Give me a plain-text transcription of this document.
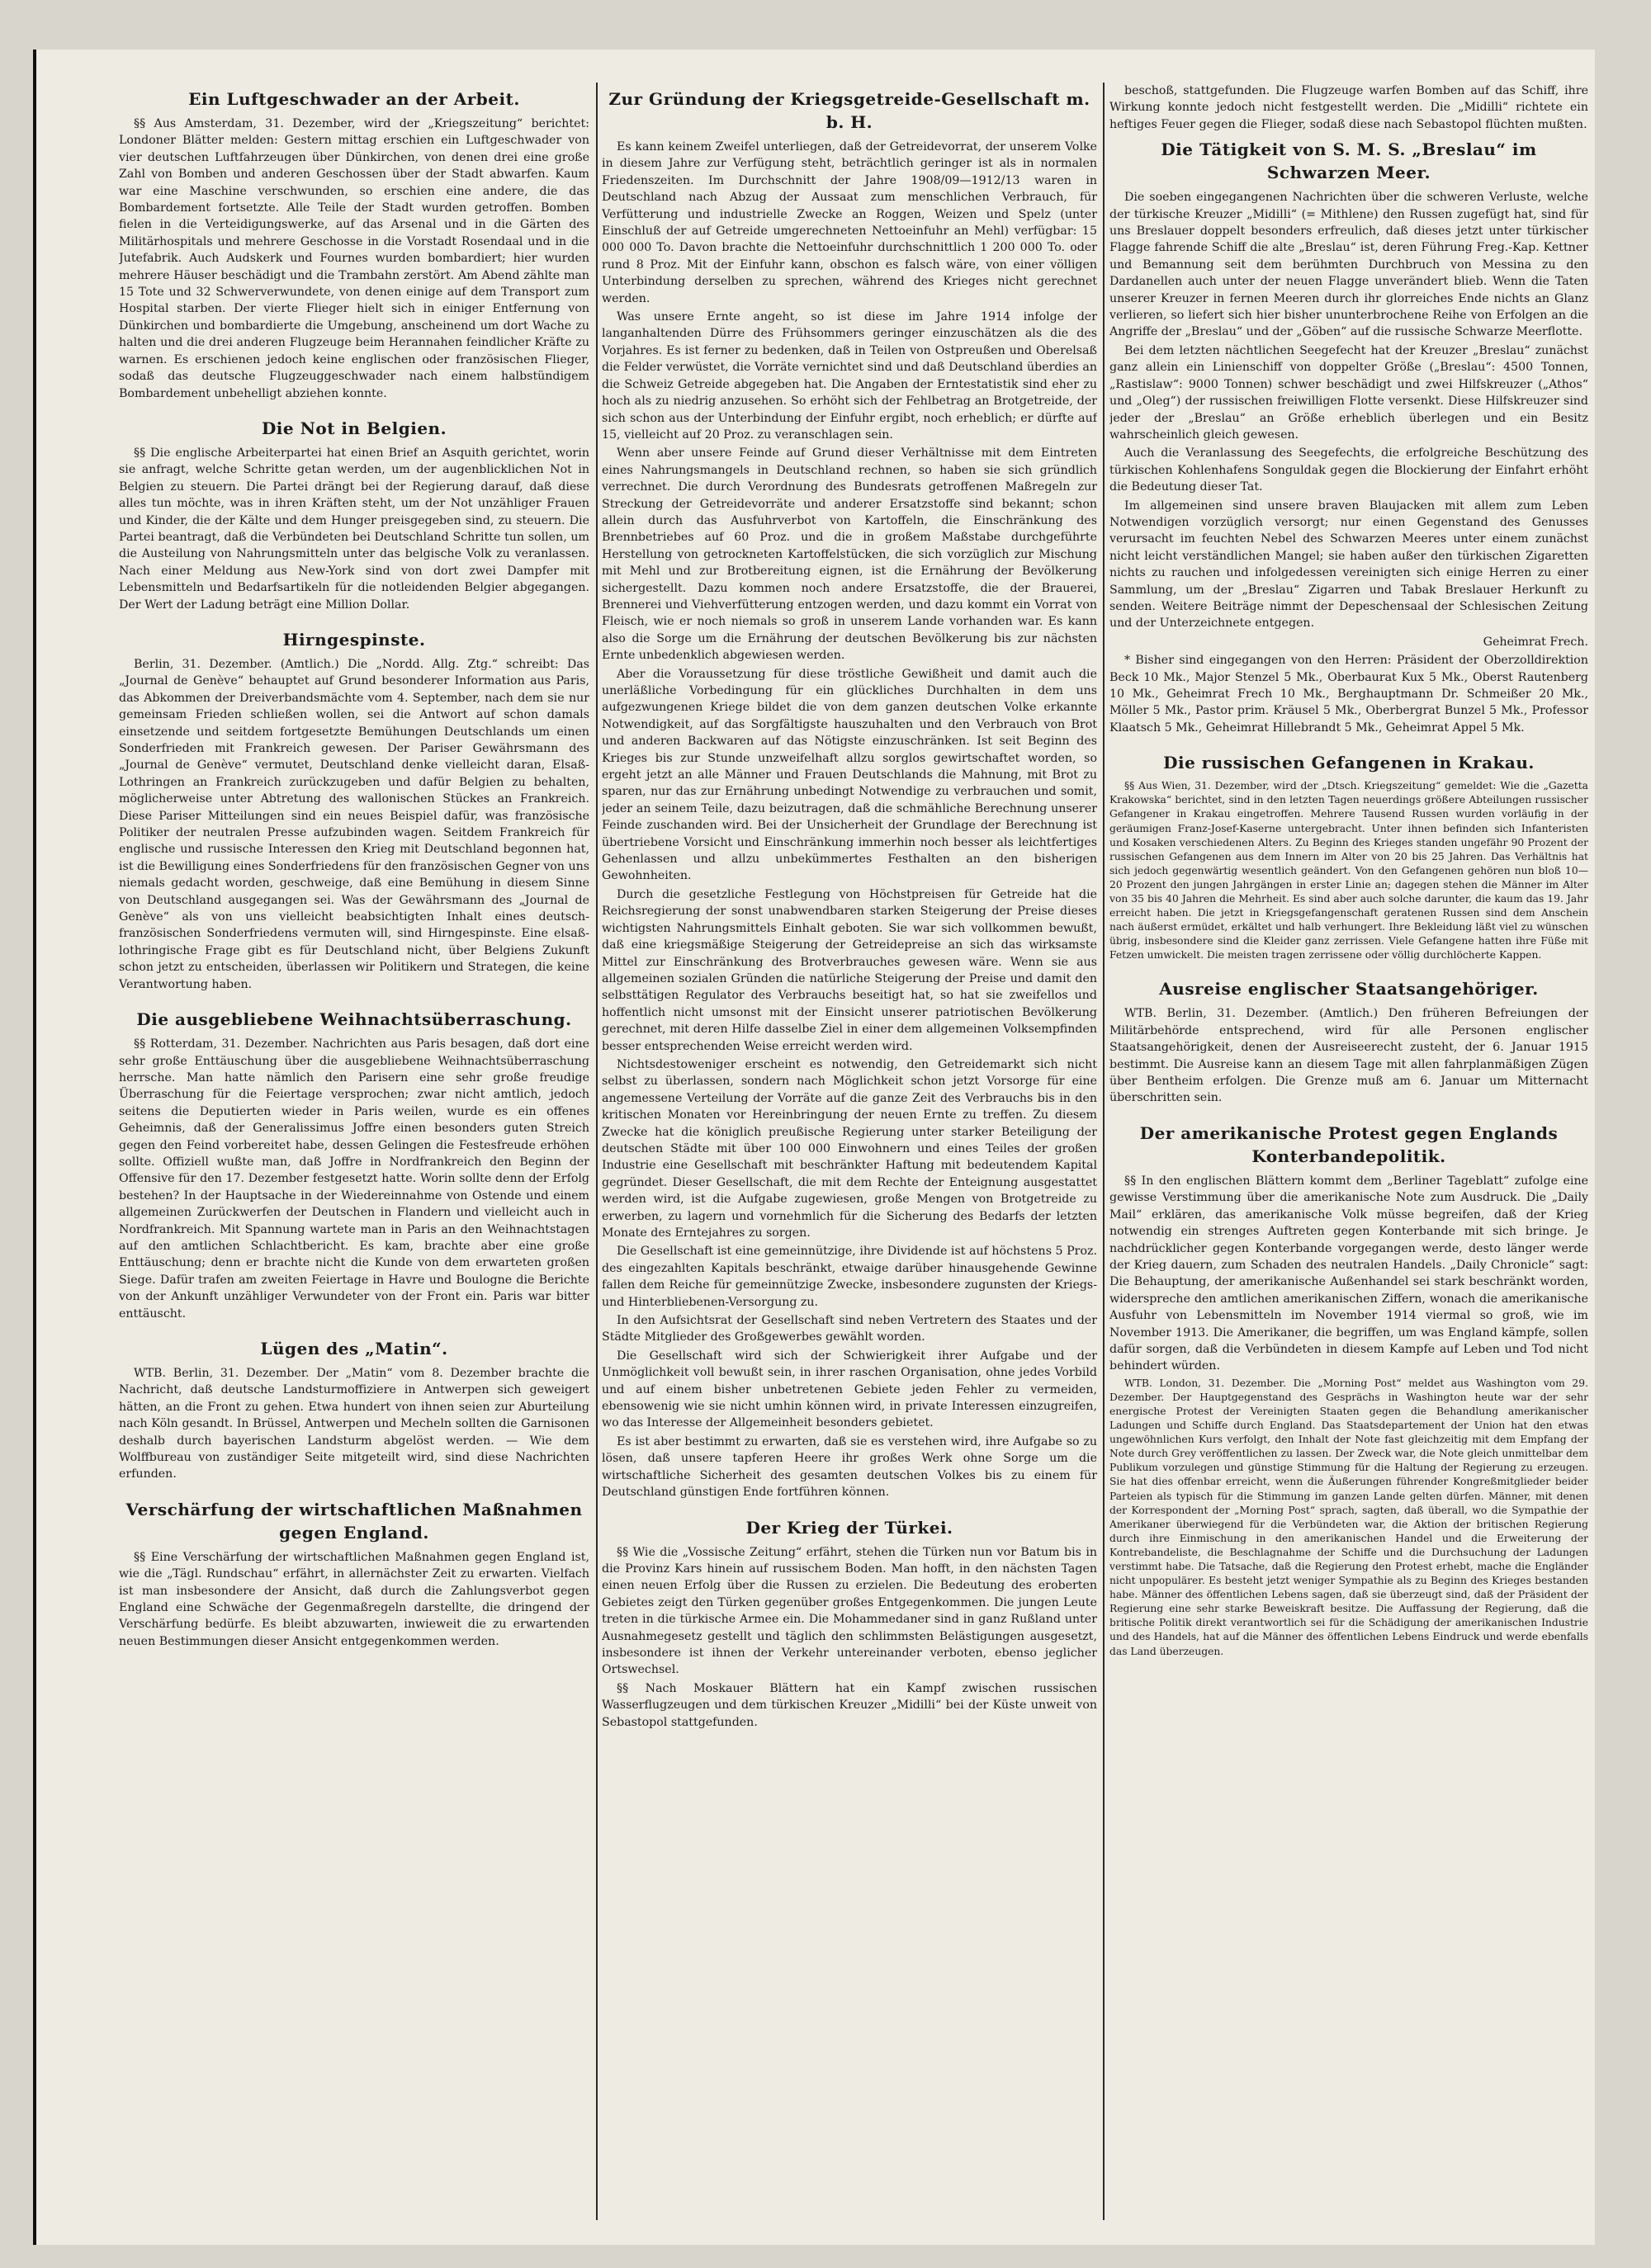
Ein Luftgeschwader an der Arbeit.

§§ Aus Amsterdam, 31. Dezember, wird der „Kriegszeitung“ berichtet: Londoner Blätter melden: Gestern mittag erschien ein Luftgeschwader von vier deutschen Luftfahrzeugen über Dünkirchen, von denen drei eine große Zahl von Bomben und anderen Geschossen über der Stadt abwarfen. Kaum war eine Maschine verschwunden, so erschien eine andere, die das Bombardement fortsetzte. Alle Teile der Stadt wurden getroffen. Bomben fielen in die Verteidigungswerke, auf das Arsenal und in die Gärten des Militärhospitals und mehrere Geschosse in die Vorstadt Rosendaal und in die Jutefabrik. Auch Audskerk und Fournes wurden bombardiert; hier wurden mehrere Häuser beschädigt und die Trambahn zerstört. Am Abend zählte man 15 Tote und 32 Schwerverwundete, von denen einige auf dem Transport zum Hospital starben. Der vierte Flieger hielt sich in einiger Entfernung von Dünkirchen und bombardierte die Umgebung, anscheinend um dort Wache zu halten und die drei anderen Flugzeuge beim Herannahen feindlicher Kräfte zu warnen. Es erschienen jedoch keine englischen oder französischen Flieger, sodaß das deutsche Flugzeuggeschwader nach einem halbstündigem Bombardement unbehelligt abziehen konnte.

Die Not in Belgien.

§§ Die englische Arbeiterpartei hat einen Brief an Asquith gerichtet, worin sie anfragt, welche Schritte getan werden, um der augenblicklichen Not in Belgien zu steuern. Die Partei drängt bei der Regierung darauf, daß diese alles tun möchte, was in ihren Kräften steht, um der Not unzähliger Frauen und Kinder, die der Kälte und dem Hunger preisgegeben sind, zu steuern. Die Partei beantragt, daß die Verbündeten bei Deutschland Schritte tun sollen, um die Austeilung von Nahrungsmitteln unter das belgische Volk zu veranlassen. Nach einer Meldung aus New-York sind von dort zwei Dampfer mit Lebensmitteln und Bedarfsartikeln für die notleidenden Belgier abgegangen. Der Wert der Ladung beträgt eine Million Dollar.

Hirngespinste.

Berlin, 31. Dezember. (Amtlich.) Die „Nordd. Allg. Ztg.“ schreibt: Das „Journal de Genève“ behauptet auf Grund besonderer Information aus Paris, das Abkommen der Dreiverbandsmächte vom 4. September, nach dem sie nur gemeinsam Frieden schließen wollen, sei die Antwort auf schon damals einsetzende und seitdem fortgesetzte Bemühungen Deutschlands um einen Sonderfrieden mit Frankreich gewesen. Der Pariser Gewährsmann des „Journal de Genève“ vermutet, Deutschland denke vielleicht daran, Elsaß-Lothringen an Frankreich zurückzugeben und dafür Belgien zu behalten, möglicherweise unter Abtretung des wallonischen Stückes an Frankreich. Diese Pariser Mitteilungen sind ein neues Beispiel dafür, was französische Politiker der neutralen Presse aufzubinden wagen. Seitdem Frankreich für englische und russische Interessen den Krieg mit Deutschland begonnen hat, ist die Bewilligung eines Sonderfriedens für den französischen Gegner von uns niemals gedacht worden, geschweige, daß eine Bemühung in diesem Sinne von Deutschland ausgegangen sei. Was der Gewährsmann des „Journal de Genève“ als von uns vielleicht beabsichtigten Inhalt eines deutsch-französischen Sonderfriedens vermuten will, sind Hirngespinste. Eine elsaß-lothringische Frage gibt es für Deutschland nicht, über Belgiens Zukunft schon jetzt zu entscheiden, überlassen wir Politikern und Strategen, die keine Verantwortung haben.

Die ausgebliebene Weihnachtsüberraschung.

§§ Rotterdam, 31. Dezember. Nachrichten aus Paris besagen, daß dort eine sehr große Enttäuschung über die ausgebliebene Weihnachtsüberraschung herrsche. Man hatte nämlich den Parisern eine sehr große freudige Überraschung für die Feiertage versprochen; zwar nicht amtlich, jedoch seitens die Deputierten wieder in Paris weilen, wurde es ein offenes Geheimnis, daß der Generalissimus Joffre einen besonders guten Streich gegen den Feind vorbereitet habe, dessen Gelingen die Festesfreude erhöhen sollte. Offiziell wußte man, daß Joffre in Nordfrankreich den Beginn der Offensive für den 17. Dezember festgesetzt hatte. Worin sollte denn der Erfolg bestehen? In der Hauptsache in der Wiedereinnahme von Ostende und einem allgemeinen Zurückwerfen der Deutschen in Flandern und vielleicht auch in Nordfrankreich. Mit Spannung wartete man in Paris an den Weihnachtstagen auf den amtlichen Schlachtbericht. Es kam, brachte aber eine große Enttäuschung; denn er brachte nicht die Kunde von dem erwarteten großen Siege. Dafür trafen am zweiten Feiertage in Havre und Boulogne die Berichte von der Ankunft unzähliger Verwundeter von der Front ein. Paris war bitter enttäuscht.

Lügen des „Matin“.

WTB. Berlin, 31. Dezember. Der „Matin“ vom 8. Dezember brachte die Nachricht, daß deutsche Landsturmoffiziere in Antwerpen sich geweigert hätten, an die Front zu gehen. Etwa hundert von ihnen seien zur Aburteilung nach Köln gesandt. In Brüssel, Antwerpen und Mecheln sollten die Garnisonen deshalb durch bayerischen Landsturm abgelöst werden. — Wie dem Wolffbureau von zuständiger Seite mitgeteilt wird, sind diese Nachrichten erfunden.

Verschärfung der wirtschaftlichen Maßnahmen gegen England.

§§ Eine Verschärfung der wirtschaftlichen Maßnahmen gegen England ist, wie die „Tägl. Rundschau“ erfährt, in allernächster Zeit zu erwarten. Vielfach ist man insbesondere der Ansicht, daß durch die Zahlungsverbot gegen England eine Schwäche der Gegenmaßregeln darstellte, die dringend der Verschärfung bedürfe. Es bleibt abzuwarten, inwieweit die zu erwartenden neuen Bestimmungen dieser Ansicht entgegenkommen werden.

Zur Gründung der Kriegsgetreide-Gesellschaft m. b. H.

Es kann keinem Zweifel unterliegen, daß der Getreidevorrat, der unserem Volke in diesem Jahre zur Verfügung steht, beträchtlich geringer ist als in normalen Friedenszeiten. Im Durchschnitt der Jahre 1908/09—1912/13 waren in Deutschland nach Abzug der Aussaat zum menschlichen Verbrauch, für Verfütterung und industrielle Zwecke an Roggen, Weizen und Spelz (unter Einschluß der auf Getreide umgerechneten Nettoeinfuhr an Mehl) verfügbar: 15 000 000 To. Davon brachte die Nettoeinfuhr durchschnittlich 1 200 000 To. oder rund 8 Proz. Mit der Einfuhr kann, obschon es falsch wäre, von einer völligen Unterbindung derselben zu sprechen, während des Krieges nicht gerechnet werden.

Was unsere Ernte angeht, so ist diese im Jahre 1914 infolge der langanhaltenden Dürre des Frühsommers geringer einzuschätzen als die des Vorjahres. Es ist ferner zu bedenken, daß in Teilen von Ostpreußen und Oberelsaß die Felder verwüstet, die Vorräte vernichtet sind und daß Deutschland überdies an die Schweiz Getreide abgegeben hat. Die Angaben der Erntestatistik sind eher zu hoch als zu niedrig anzusehen. So erhöht sich der Fehlbetrag an Brotgetreide, der sich schon aus der Unterbindung der Einfuhr ergibt, noch erheblich; er dürfte auf 15, vielleicht auf 20 Proz. zu veranschlagen sein.

Wenn aber unsere Feinde auf Grund dieser Verhältnisse mit dem Eintreten eines Nahrungsmangels in Deutschland rechnen, so haben sie sich gründlich verrechnet. Die durch Verordnung des Bundesrats getroffenen Maßregeln zur Streckung der Getreidevorräte und anderer Ersatzstoffe sind bekannt; schon allein durch das Ausfuhrverbot von Kartoffeln, die Einschränkung des Brennbetriebes auf 60 Proz. und die in großem Maßstabe durchgeführte Herstellung von getrockneten Kartoffelstücken, die sich vorzüglich zur Mischung mit Mehl und zur Brotbereitung eignen, ist die Ernährung der Bevölkerung sichergestellt. Dazu kommen noch andere Ersatzstoffe, die der Brauerei, Brennerei und Viehverfütterung entzogen werden, und dazu kommt ein Vorrat von Fleisch, wie er noch niemals so groß in unserem Lande vorhanden war. Es kann also die Sorge um die Ernährung der deutschen Bevölkerung bis zur nächsten Ernte unbedenklich abgewiesen werden.

Aber die Voraussetzung für diese tröstliche Gewißheit und damit auch die unerläßliche Vorbedingung für ein glückliches Durchhalten in dem uns aufgezwungenen Kriege bildet die von dem ganzen deutschen Volke erkannte Notwendigkeit, auf das Sorgfältigste hauszuhalten und den Verbrauch von Brot und anderen Backwaren auf das Nötigste einzuschränken. Ist seit Beginn des Krieges bis zur Stunde unzweifelhaft allzu sorglos gewirtschaftet worden, so ergeht jetzt an alle Männer und Frauen Deutschlands die Mahnung, mit Brot zu sparen, nur das zur Ernährung unbedingt Notwendige zu verbrauchen und somit, jeder an seinem Teile, dazu beizutragen, daß die schmähliche Berechnung unserer Feinde zuschanden wird. Bei der Unsicherheit der Grundlage der Berechnung ist übertriebene Vorsicht und Einschränkung immerhin noch besser als leichtfertiges Gehenlassen und allzu unbekümmertes Festhalten an den bisherigen Gewohnheiten.

Durch die gesetzliche Festlegung von Höchstpreisen für Getreide hat die Reichsregierung der sonst unabwendbaren starken Steigerung der Preise dieses wichtigsten Nahrungsmittels Einhalt geboten. Sie war sich vollkommen bewußt, daß eine kriegsmäßige Steigerung der Getreidepreise an sich das wirksamste Mittel zur Einschränkung des Brotverbrauches gewesen wäre. Wenn sie aus allgemeinen sozialen Gründen die natürliche Steigerung der Preise und damit den selbsttätigen Regulator des Verbrauchs beseitigt hat, so hat sie zweifellos und hoffentlich nicht umsonst mit der Einsicht unserer patriotischen Bevölkerung gerechnet, mit deren Hilfe dasselbe Ziel in einer dem allgemeinen Volksempfinden besser entsprechenden Weise erreicht werden wird.

Nichtsdestoweniger erscheint es notwendig, den Getreidemarkt sich nicht selbst zu überlassen, sondern nach Möglichkeit schon jetzt Vorsorge für eine angemessene Verteilung der Vorräte auf die ganze Zeit des Verbrauchs bis in den kritischen Monaten vor Hereinbringung der neuen Ernte zu treffen. Zu diesem Zwecke hat die königlich preußische Regierung unter starker Beteiligung der deutschen Städte mit über 100 000 Einwohnern und eines Teiles der großen Industrie eine Gesellschaft mit beschränkter Haftung mit bedeutendem Kapital gegründet. Dieser Gesellschaft, die mit dem Rechte der Enteignung ausgestattet werden wird, ist die Aufgabe zugewiesen, große Mengen von Brotgetreide zu erwerben, zu lagern und vornehmlich für die Sicherung des Bedarfs der letzten Monate des Erntejahres zu sorgen.

Die Gesellschaft ist eine gemeinnützige, ihre Dividende ist auf höchstens 5 Proz. des eingezahlten Kapitals beschränkt, etwaige darüber hinausgehende Gewinne fallen dem Reiche für gemeinnützige Zwecke, insbesondere zugunsten der Kriegs- und Hinterbliebenen-Versorgung zu.

In den Aufsichtsrat der Gesellschaft sind neben Vertretern des Staates und der Städte Mitglieder des Großgewerbes gewählt worden.

Die Gesellschaft wird sich der Schwierigkeit ihrer Aufgabe und der Unmöglichkeit voll bewußt sein, in ihrer raschen Organisation, ohne jedes Vorbild und auf einem bisher unbetretenen Gebiete jeden Fehler zu vermeiden, ebensowenig wie sie nicht umhin können wird, in private Interessen einzugreifen, wo das Interesse der Allgemeinheit besonders gebietet.

Es ist aber bestimmt zu erwarten, daß sie es verstehen wird, ihre Aufgabe so zu lösen, daß unsere tapferen Heere ihr großes Werk ohne Sorge um die wirtschaftliche Sicherheit des gesamten deutschen Volkes bis zu einem für Deutschland günstigen Ende fortführen können.

Der Krieg der Türkei.

§§ Wie die „Vossische Zeitung“ erfährt, stehen die Türken nun vor Batum bis in die Provinz Kars hinein auf russischem Boden. Man hofft, in den nächsten Tagen einen neuen Erfolg über die Russen zu erzielen. Die Bedeutung des eroberten Gebietes zeigt den Türken gegenüber großes Entgegenkommen. Die jungen Leute treten in die türkische Armee ein. Die Mohammedaner sind in ganz Rußland unter Ausnahmegesetz gestellt und täglich den schlimmsten Belästigungen ausgesetzt, insbesondere ist ihnen der Verkehr untereinander verboten, ebenso jeglicher Ortswechsel.

§§ Nach Moskauer Blättern hat ein Kampf zwischen russischen Wasserflugzeugen und dem türkischen Kreuzer „Midilli“ bei der Küste unweit von Sebastopol stattgefunden.

beschoß, stattgefunden. Die Flugzeuge warfen Bomben auf das Schiff, ihre Wirkung konnte jedoch nicht festgestellt werden. Die „Midilli“ richtete ein heftiges Feuer gegen die Flieger, sodaß diese nach Sebastopol flüchten mußten.

Die Tätigkeit von S. M. S. „Breslau“ im Schwarzen Meer.

Die soeben eingegangenen Nachrichten über die schweren Verluste, welche der türkische Kreuzer „Midilli“ (= Mithlene) den Russen zugefügt hat, sind für uns Breslauer doppelt besonders erfreulich, daß dieses jetzt unter türkischer Flagge fahrende Schiff die alte „Breslau“ ist, deren Führung Freg.-Kap. Kettner und Bemannung seit dem berühmten Durchbruch von Messina zu den Dardanellen auch unter der neuen Flagge unverändert blieb. Wenn die Taten unserer Kreuzer in fernen Meeren durch ihr glorreiches Ende nichts an Glanz verlieren, so liefert sich hier bisher ununterbrochene Reihe von Erfolgen an die Angriffe der „Breslau“ und der „Göben“ auf die russische Schwarze Meerflotte.

Bei dem letzten nächtlichen Seegefecht hat der Kreuzer „Breslau“ zunächst ganz allein ein Linienschiff von doppelter Größe („Breslau“: 4500 Tonnen, „Rastislaw“: 9000 Tonnen) schwer beschädigt und zwei Hilfskreuzer („Athos“ und „Oleg“) der russischen freiwilligen Flotte versenkt. Diese Hilfskreuzer sind jeder der „Breslau“ an Größe erheblich überlegen und ein Besitz wahrscheinlich gleich gewesen.

Auch die Veranlassung des Seegefechts, die erfolgreiche Beschützung des türkischen Kohlenhafens Songuldak gegen die Blockierung der Einfahrt erhöht die Bedeutung dieser Tat.

Im allgemeinen sind unsere braven Blaujacken mit allem zum Leben Notwendigen vorzüglich versorgt; nur einen Gegenstand des Genusses verursacht im feuchten Nebel des Schwarzen Meeres unter einem zunächst nicht leicht verständlichen Mangel; sie haben außer den türkischen Zigaretten nichts zu rauchen und infolgedessen vereinigten sich einige Herren zu einer Sammlung, um der „Breslau“ Zigarren und Tabak Breslauer Herkunft zu senden. Weitere Beiträge nimmt der Depeschensaal der Schlesischen Zeitung und der Unterzeichnete entgegen.

Geheimrat Frech.

* Bisher sind eingegangen von den Herren: Präsident der Oberzolldirektion Beck 10 Mk., Major Stenzel 5 Mk., Oberbaurat Kux 5 Mk., Oberst Rautenberg 10 Mk., Geheimrat Frech 10 Mk., Berghauptmann Dr. Schmeißer 20 Mk., Möller 5 Mk., Pastor prim. Kräusel 5 Mk., Oberbergrat Bunzel 5 Mk., Professor Klaatsch 5 Mk., Geheimrat Hillebrandt 5 Mk., Geheimrat Appel 5 Mk.

Die russischen Gefangenen in Krakau.

§§ Aus Wien, 31. Dezember, wird der „Dtsch. Kriegszeitung“ gemeldet: Wie die „Gazetta Krakowska“ berichtet, sind in den letzten Tagen neuerdings größere Abteilungen russischer Gefangener in Krakau eingetroffen. Mehrere Tausend Russen wurden vorläufig in der geräumigen Franz-Josef-Kaserne untergebracht. Unter ihnen befinden sich Infanteristen und Kosaken verschiedenen Alters. Zu Beginn des Krieges standen ungefähr 90 Prozent der russischen Gefangenen aus dem Innern im Alter von 20 bis 25 Jahren. Das Verhältnis hat sich jedoch gegenwärtig wesentlich geändert. Von den Gefangenen gehören nun bloß 10—20 Prozent den jungen Jahrgängen in erster Linie an; dagegen stehen die Männer im Alter von 35 bis 40 Jahren die Mehrheit. Es sind aber auch solche darunter, die kaum das 19. Jahr erreicht haben. Die jetzt in Kriegsgefangenschaft geratenen Russen sind dem Anschein nach äußerst ermüdet, erkältet und halb verhungert. Ihre Bekleidung läßt viel zu wünschen übrig, insbesondere sind die Kleider ganz zerrissen. Viele Gefangene hatten ihre Füße mit Fetzen umwickelt. Die meisten tragen zerrissene oder völlig durchlöcherte Kappen.

Ausreise englischer Staatsangehöriger.

WTB. Berlin, 31. Dezember. (Amtlich.) Den früheren Befreiungen der Militärbehörde entsprechend, wird für alle Personen englischer Staatsangehörigkeit, denen der Ausreiseerecht zusteht, der 6. Januar 1915 bestimmt. Die Ausreise kann an diesem Tage mit allen fahrplanmäßigen Zügen über Bentheim erfolgen. Die Grenze muß am 6. Januar um Mitternacht überschritten sein.

Der amerikanische Protest gegen Englands Konterbandepolitik.

§§ In den englischen Blättern kommt dem „Berliner Tageblatt“ zufolge eine gewisse Verstimmung über die amerikanische Note zum Ausdruck. Die „Daily Mail“ erklären, das amerikanische Volk müsse begreifen, daß der Krieg notwendig ein strenges Auftreten gegen Konterbande mit sich bringe. Je nachdrücklicher gegen Konterbande vorgegangen werde, desto länger werde der Krieg dauern, zum Schaden des neutralen Handels. „Daily Chronicle“ sagt: Die Behauptung, der amerikanische Außenhandel sei stark beschränkt worden, widerspreche den amtlichen amerikanischen Ziffern, wonach die amerikanische Ausfuhr von Lebensmitteln im November 1914 viermal so groß, wie im November 1913. Die Amerikaner, die begriffen, um was England kämpfe, sollen dafür sorgen, daß die Verbündeten in diesem Kampfe auf Leben und Tod nicht behindert würden.

WTB. London, 31. Dezember. Die „Morning Post“ meldet aus Washington vom 29. Dezember. Der Hauptgegenstand des Gesprächs in Washington heute war der sehr energische Protest der Vereinigten Staaten gegen die Behandlung amerikanischer Ladungen und Schiffe durch England. Das Staatsdepartement der Union hat den etwas ungewöhnlichen Kurs verfolgt, den Inhalt der Note fast gleichzeitig mit dem Empfang der Note durch Grey veröffentlichen zu lassen. Der Zweck war, die Note gleich unmittelbar dem Publikum vorzulegen und günstige Stimmung für die Haltung der Regierung zu erzeugen. Sie hat dies offenbar erreicht, wenn die Äußerungen führender Kongreßmitglieder beider Parteien als typisch für die Stimmung im ganzen Lande gelten dürfen. Männer, mit denen der Korrespondent der „Morning Post“ sprach, sagten, daß überall, wo die Sympathie der Amerikaner überwiegend für die Verbündeten war, die Aktion der britischen Regierung durch ihre Einmischung in den amerikanischen Handel und die Erweiterung der Kontrebandeliste, die Beschlagnahme der Schiffe und die Durchsuchung der Ladungen verstimmt habe. Die Tatsache, daß die Regierung den Protest erhebt, mache die Engländer nicht unpopulärer. Es besteht jetzt weniger Sympathie als zu Beginn des Krieges bestanden habe. Männer des öffentlichen Lebens sagen, daß sie überzeugt sind, daß der Präsident der Regierung eine sehr starke Beweiskraft besitze. Die Auffassung der Regierung, daß die britische Politik direkt verantwortlich sei für die Schädigung der amerikanischen Industrie und des Handels, hat auf die Männer des öffentlichen Lebens Eindruck und werde ebenfalls das Land überzeugen.
